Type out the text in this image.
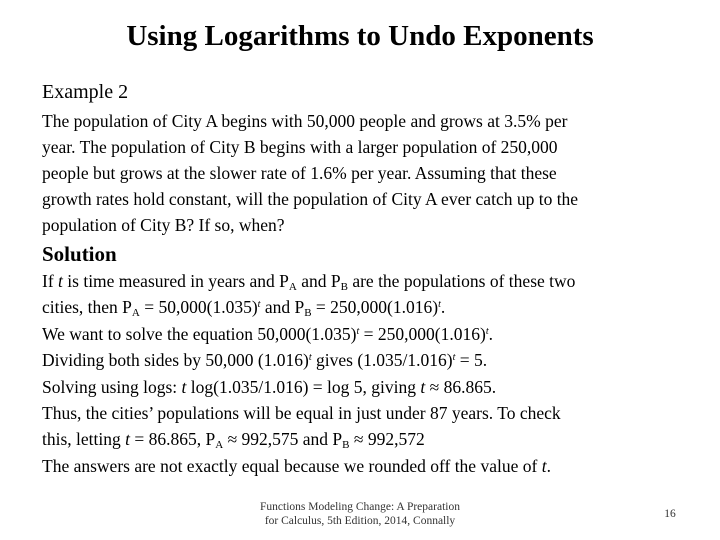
Using Logarithms to Undo Exponents
Example 2
The population of City A begins with 50,000 people and grows at 3.5% per
year. The population of City B begins with a larger population of 250,000
people but grows at the slower rate of 1.6% per year. Assuming that these
growth rates hold constant, will the population of City A ever catch up to the
population of City B? If so, when?
Solution
If t is time measured in years and $P_A$ and $P_B$ are the populations of these two
cities, then $P_A = 50,000(1.035)^t$ and $P_B = 250,000(1.016)^t$.
We want to solve the equation $50,000(1.035)^t = 250,000(1.016)^t$.
Dividing both sides by 50,000 $(1.016)^t$ gives $(1.035/1.016)^t = 5$.
Solving using logs: t log(1.035/1.016) = log 5, giving t ≈ 86.865.
Thus, the cities’ populations will be equal in just under 87 years. To check
this, letting t = 86.865, $P_A \approx 992,575$ and $P_B \approx 992,572$
The answers are not exactly equal because we rounded off the value of t.
Functions Modeling Change: A Preparation
for Calculus, 5th Edition, 2014, Connally
16
